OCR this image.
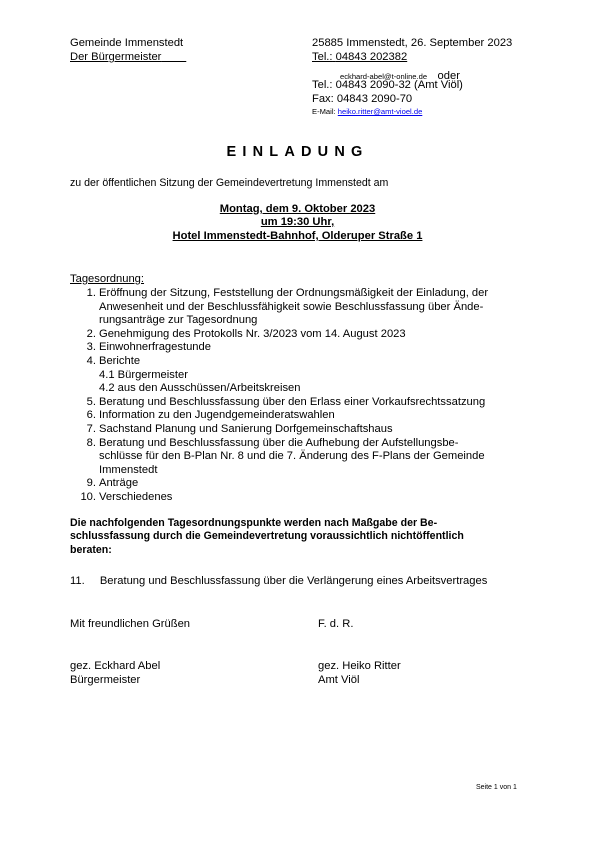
Gemeinde Immenstedt
Der Bürgermeister
25885 Immenstedt, 26. September 2023
Tel.: 04843 202382
eckhard-abel@t-online.de oder
Tel.: 04843 2090-32 (Amt Viöl)
Fax: 04843 2090-70
E-Mail: heiko.ritter@amt-vioel.de
EINLADUNG
zu der öffentlichen Sitzung der Gemeindevertretung Immenstedt am
Montag, dem 9. Oktober 2023
um 19:30 Uhr,
Hotel Immenstedt-Bahnhof, Olderuper Straße 1
Tagesordnung:
1. Eröffnung der Sitzung, Feststellung der Ordnungsmäßigkeit der Einladung, der
Anwesenheit und der Beschlussfähigkeit sowie Beschlussfassung über Ände-
rungsanträge zur Tagesordnung
2. Genehmigung des Protokolls Nr. 3/2023 vom 14. August 2023
3. Einwohnerfragestunde
4. Berichte
4.1 Bürgermeister
4.2 aus den Ausschüssen/Arbeitskreisen
5. Beratung und Beschlussfassung über den Erlass einer Vorkaufsrechtssatzung
6. Information zu den Jugendgemeinderatswahlen
7. Sachstand Planung und Sanierung Dorfgemeinschaftshaus
8. Beratung und Beschlussfassung über die Aufhebung der Aufstellungsbe-
schlüsse für den B-Plan Nr. 8 und die 7. Änderung des F-Plans der Gemeinde
Immenstedt
9. Anträge
10. Verschiedenes
Die nachfolgenden Tagesordnungspunkte werden nach Maßgabe der Be-
schlussfassung durch die Gemeindevertretung voraussichtlich nichtöffentlich
beraten:
11. Beratung und Beschlussfassung über die Verlängerung eines Arbeitsvertrages
Mit freundlichen Grüßen	F. d. R.
gez. Eckhard Abel
Bürgermeister
gez. Heiko Ritter
Amt Viöl
Seite 1 von 1
